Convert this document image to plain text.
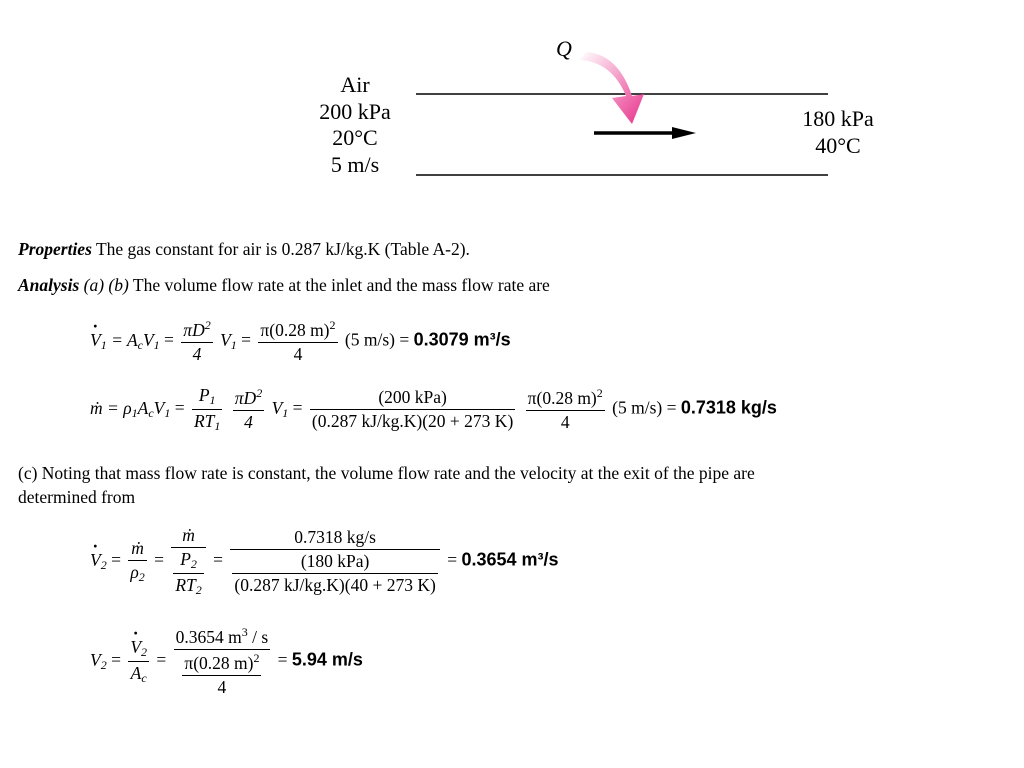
Q
Air
200 kPa
20°C
5 m/s
180 kPa
40°C
Properties The gas constant for air is 0.287 kJ/kg.K (Table A-2).
Analysis (a) (b) The volume flow rate at the inlet and the mass flow rate are
· $V_1 = A_cV_1 = \frac{\pi D^2}{4} V_1 = \frac{\pi(0.28 m)^2}{4} (5$ m/s) = 0.3079 m³/s
ṁ = $\rho_1A_cV_1 = \frac{P_1}{RT_1}$
$\frac{\pi D^2}{4} V_1 = \frac{\text{(200 kPa)}}{(0.287 kJ/kg.K)(20 + 273 K)}$
$\frac{\pi(0.28 m)^2}{4} (5$ m/s) = 0.7318 kg/s
(c) Noting that mass flow rate is constant, the volume flow rate and the velocity at the exit of the pipe are
determined from
· $V_2 = \frac{\text{ṁ}}{\rho_2} = \frac{\text{ṁ}}{\frac{P_2}{RT_2}} = \frac{0.7318 kg/s}{\frac{\text{(180 kPa)}}{(0.287 kJ/kg.K)(40 + 273 K)}} = 0.3654$ m³/s
$V_2$ =
· $\frac{V_2}{A_c} = \frac{0.3654 m^3 / s}{\frac{\pi(0.28 m)^2}{4}} = 5.94$ m/s
